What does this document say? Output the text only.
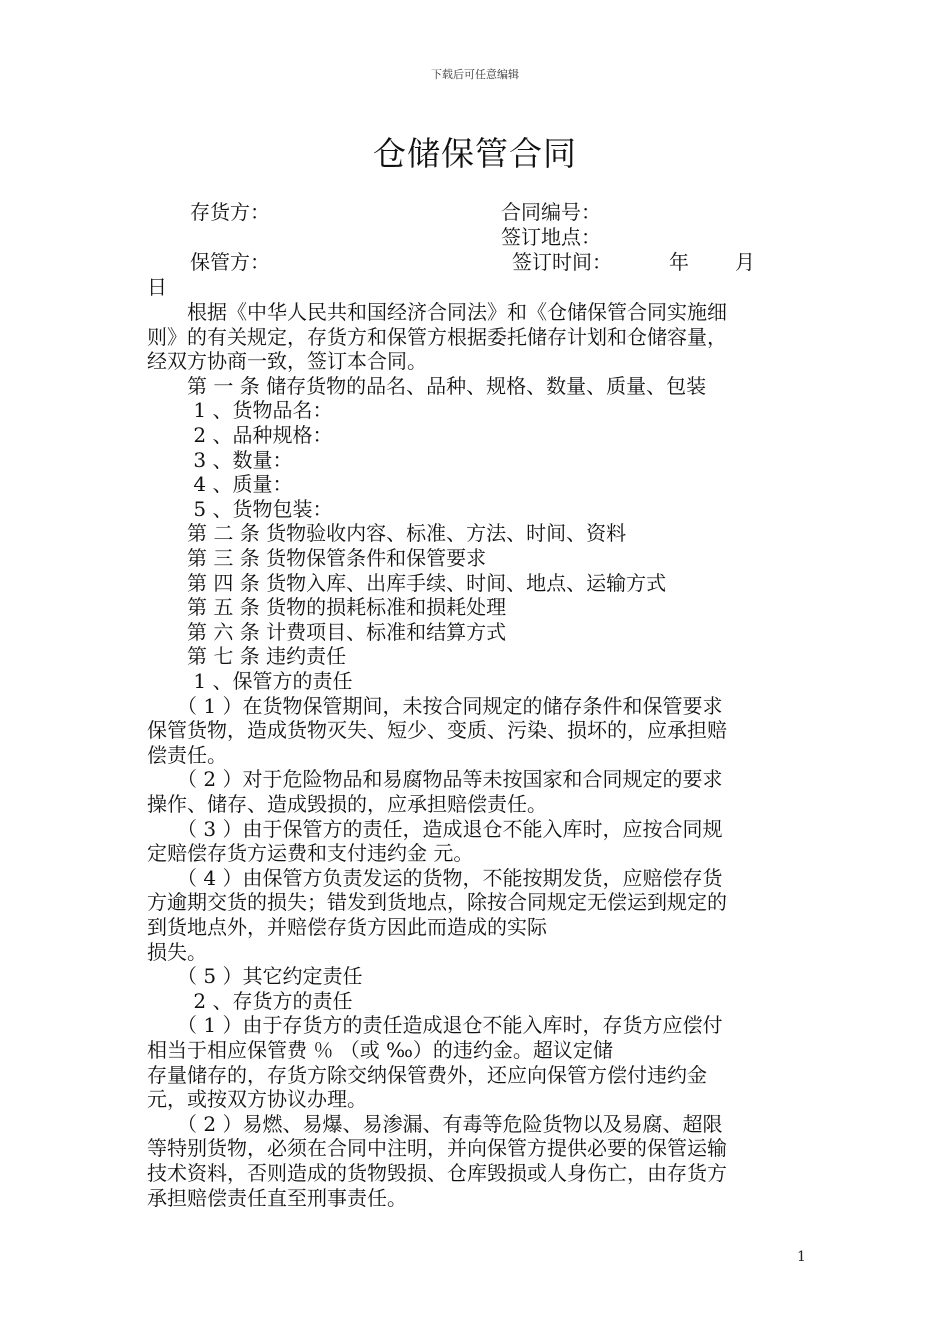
下载后可任意编辑
仓储保管合同
存货方：	合同编号：
签订地点：
保管方：	签订时间：	年 月
日
　　根据《中华人民共和国经济合同法》和《仓储保管合同实施细
则》的有关规定，存货方和保管方根据委托储存计划和仓储容量，
经双方协商一致，签订本合同。
　　第 一 条 储存货物的品名、品种、规格、数量、质量、包装
　　 1 、货物品名：
　　 2 、品种规格：
　　 3 、数量：
　　 4 、质量：
　　 5 、货物包装：
　　第 二 条 货物验收内容、标准、方法、时间、资料
　　第 三 条 货物保管条件和保管要求
　　第 四 条 货物入库、出库手续、时间、地点、运输方式
　　第 五 条 货物的损耗标准和损耗处理
　　第 六 条 计费项目、标准和结算方式
　　第 七 条 违约责任
　　 1 、保管方的责任
　　（ 1 ）在货物保管期间，未按合同规定的储存条件和保管要求
保管货物，造成货物灭失、短少、变质、污染、损坏的，应承担赔
偿责任。
　　（ 2 ）对于危险物品和易腐物品等未按国家和合同规定的要求
操作、储存、造成毁损的，应承担赔偿责任。
　　（ 3 ）由于保管方的责任，造成退仓不能入库时，应按合同规
定赔偿存货方运费和支付违约金 元。
　　（ 4 ）由保管方负责发运的货物，不能按期发货，应赔偿存货
方逾期交货的损失；错发到货地点，除按合同规定无偿运到规定的
到货地点外，并赔偿存货方因此而造成的实际
损失。
　　（ 5 ）其它约定责任
　　 2 、存货方的责任
　　（ 1 ）由于存货方的责任造成退仓不能入库时，存货方应偿付
相当于相应保管费 ％ （或 ‰）的违约金。超议定储
存量储存的，存货方除交纳保管费外，还应向保管方偿付违约金
元，或按双方协议办理。
　　（ 2 ）易燃、易爆、易渗漏、有毒等危险货物以及易腐、超限
等特别货物，必须在合同中注明，并向保管方提供必要的保管运输
技术资料，否则造成的货物毁损、仓库毁损或人身伤亡，由存货方
承担赔偿责任直至刑事责任。
1
